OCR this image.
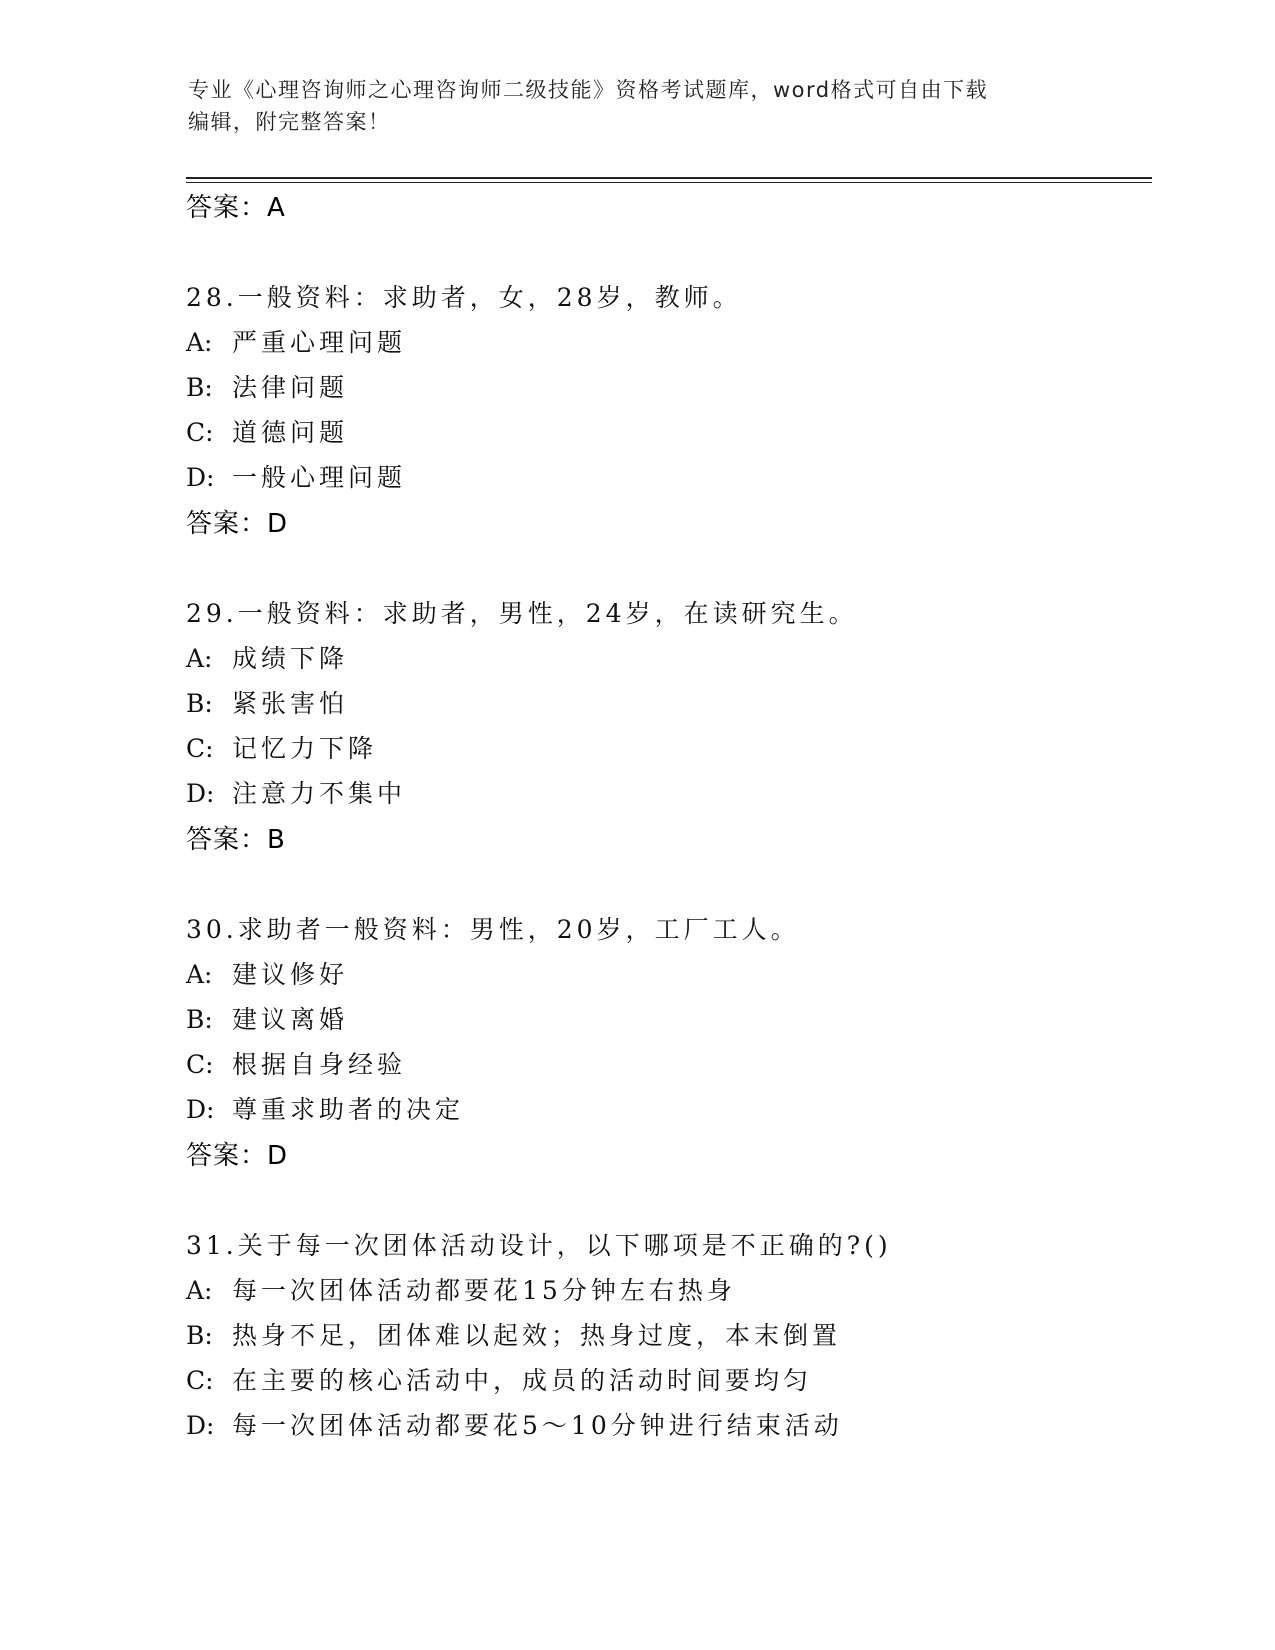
专业《心理咨询师之心理咨询师二级技能》资格考试题库，word格式可自由下载
编辑，附完整答案！
答案：A
28.一般资料：求助者，女，28岁，教师。
A: 严重心理问题
B: 法律问题
C: 道德问题
D: 一般心理问题
答案：D
29.一般资料：求助者，男性，24岁，在读研究生。
A: 成绩下降
B: 紧张害怕
C: 记忆力下降
D: 注意力不集中
答案：B
30.求助者一般资料：男性，20岁，工厂工人。
A: 建议修好
B: 建议离婚
C: 根据自身经验
D: 尊重求助者的决定
答案：D
31.关于每一次团体活动设计，以下哪项是不正确的?()
A: 每一次团体活动都要花15分钟左右热身
B: 热身不足，团体难以起效；热身过度，本末倒置
C: 在主要的核心活动中，成员的活动时间要均匀
D: 每一次团体活动都要花5～10分钟进行结束活动
